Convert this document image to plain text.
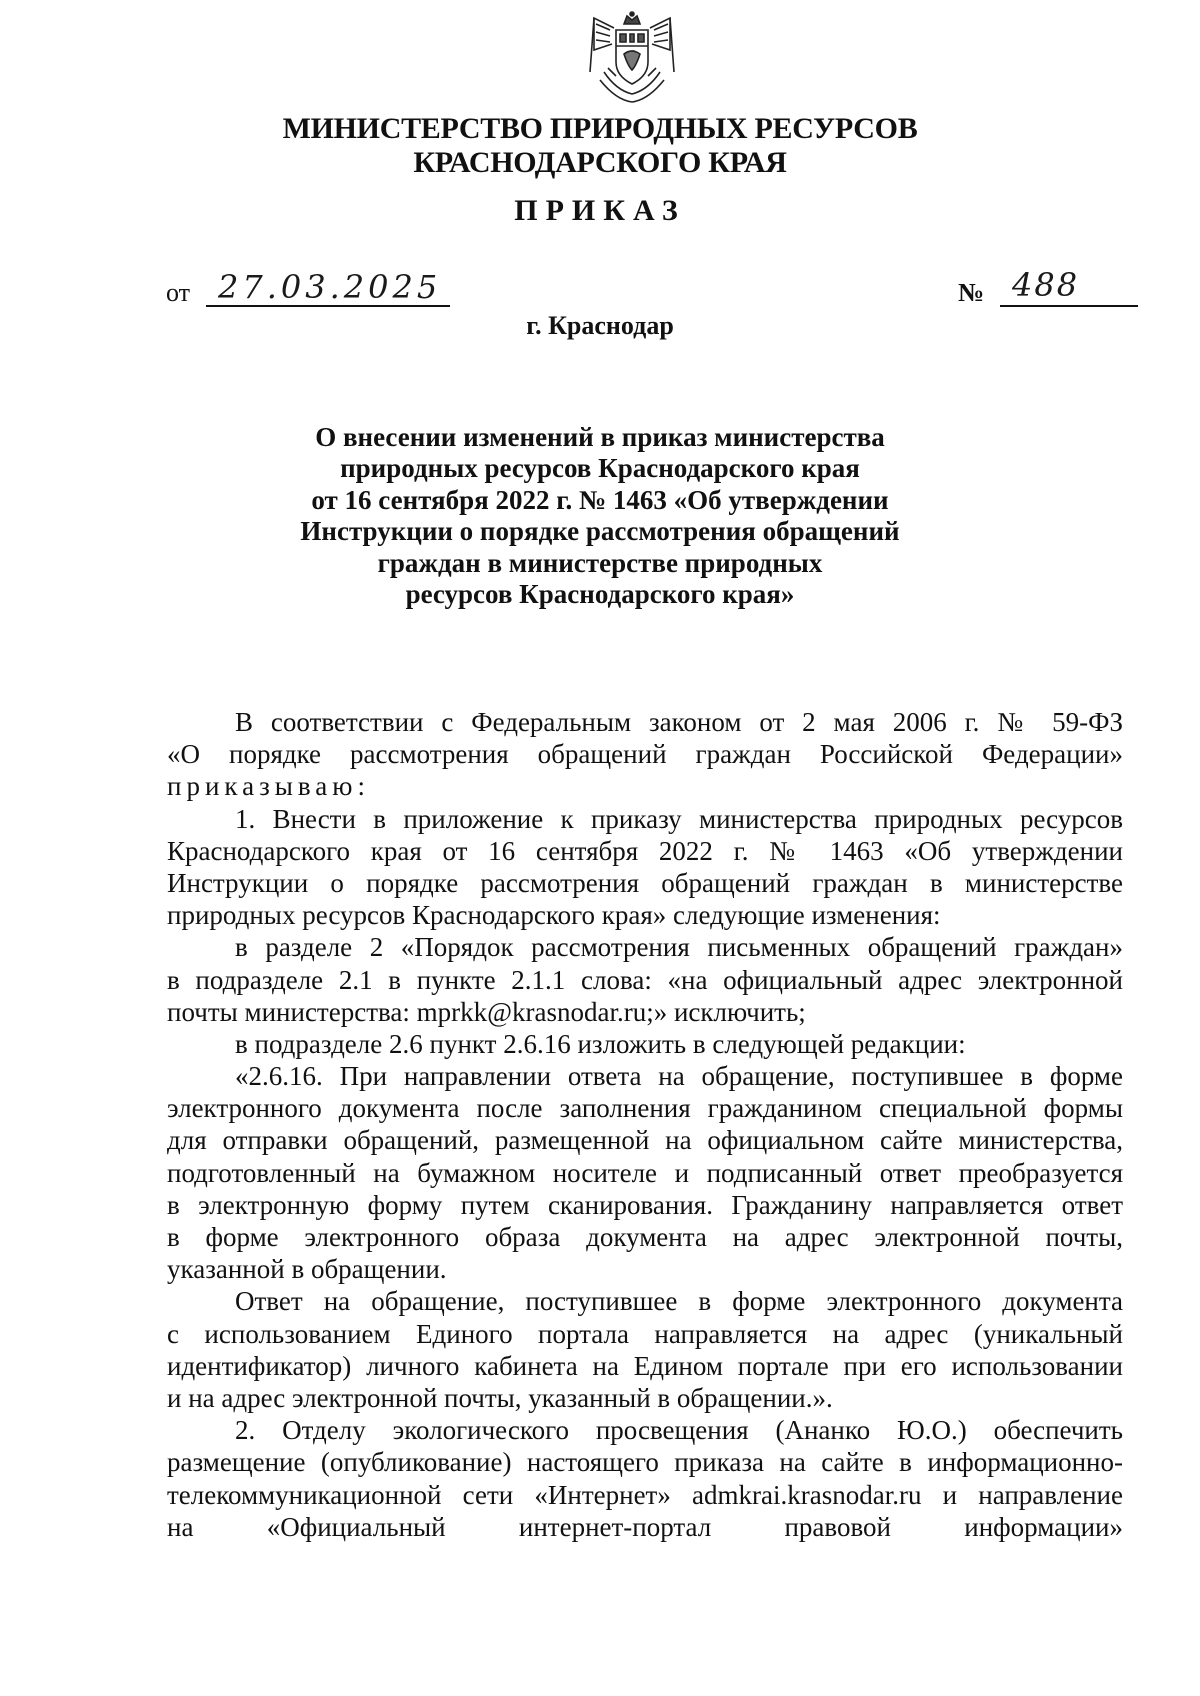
МИНИСТЕРСТВО ПРИРОДНЫХ РЕСУРСОВ
КРАСНОДАРСКОГО КРАЯ
ПРИКАЗ
от 27.03.2025	№ 488
г. Краснодар
О внесении изменений в приказ министерства
природных ресурсов Краснодарского края
от 16 сентября 2022 г. № 1463 «Об утверждении
Инструкции о порядке рассмотрения обращений
граждан в министерстве природных
ресурсов Краснодарского края»
В соответствии с Федеральным законом от 2 мая 2006 г. № 59-ФЗ
«О порядке рассмотрения обращений граждан Российской Федерации»
приказываю:
1. Внести в приложение к приказу министерства природных ресурсов
Краснодарского края от 16 сентября 2022 г. № 1463 «Об утверждении
Инструкции о порядке рассмотрения обращений граждан в министерстве
природных ресурсов Краснодарского края» следующие изменения:
в разделе 2 «Порядок рассмотрения письменных обращений граждан»
в подразделе 2.1 в пункте 2.1.1 слова: «на официальный адрес электронной
почты министерства: mprkk@krasnodar.ru;» исключить;
в подразделе 2.6 пункт 2.6.16 изложить в следующей редакции:
«2.6.16. При направлении ответа на обращение, поступившее в форме
электронного документа после заполнения гражданином специальной формы
для отправки обращений, размещенной на официальном сайте министерства,
подготовленный на бумажном носителе и подписанный ответ преобразуется
в электронную форму путем сканирования. Гражданину направляется ответ
в форме электронного образа документа на адрес электронной почты,
указанной в обращении.
Ответ на обращение, поступившее в форме электронного документа
с использованием Единого портала направляется на адрес (уникальный
идентификатор) личного кабинета на Едином портале при его использовании
и на адрес электронной почты, указанный в обращении.».
2. Отделу экологического просвещения (Ананко Ю.О.) обеспечить
размещение (опубликование) настоящего приказа на сайте в информационно-
телекоммуникационной сети «Интернет» admkrai.krasnodar.ru и направление
на «Официальный интернет-портал правовой информации»
